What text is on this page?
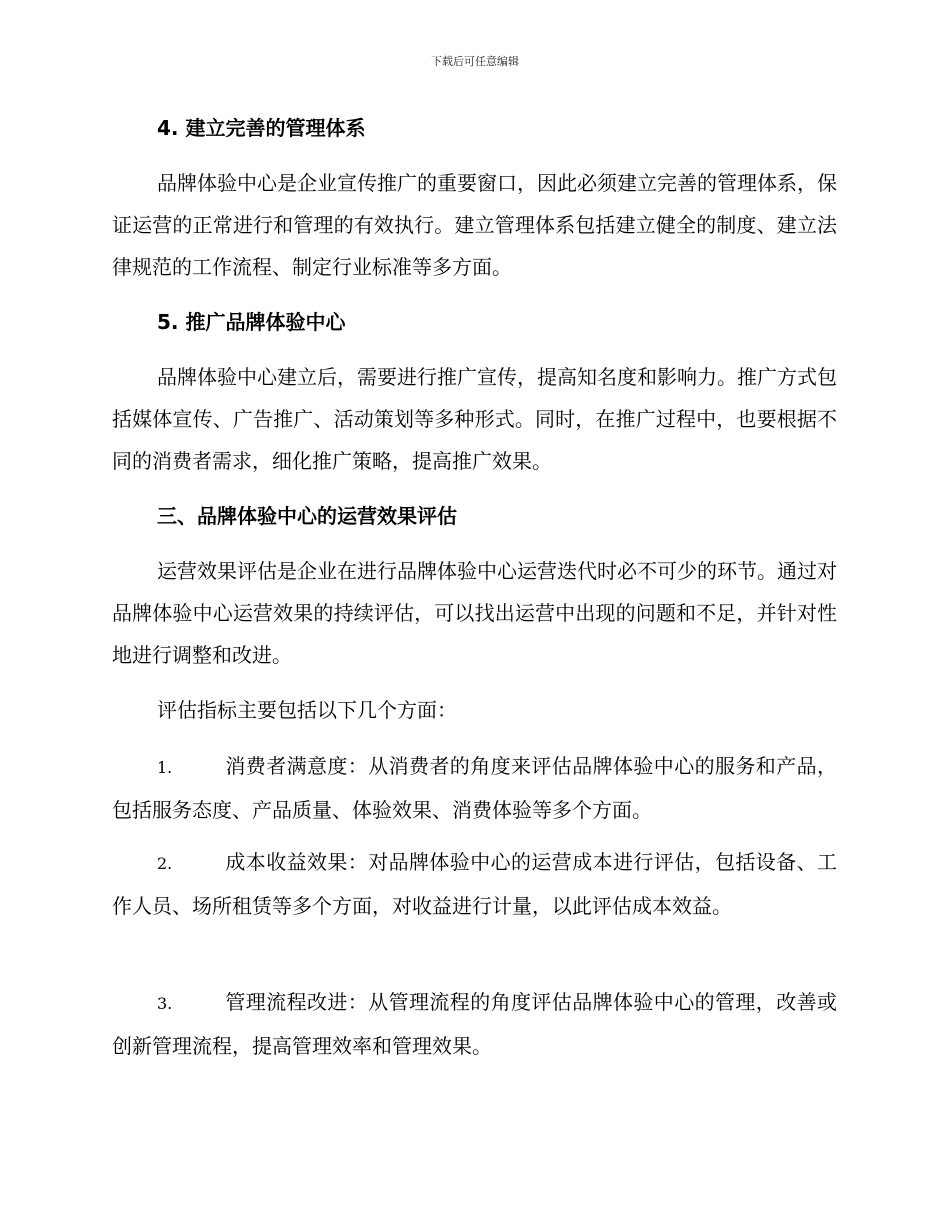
下载后可任意编辑
4. 建立完善的管理体系

品牌体验中心是企业宣传推广的重要窗口，因此必须建立完善的管理体系，保证运营的正常进行和管理的有效执行。建立管理体系包括建立健全的制度、建立法律规范的工作流程、制定行业标准等多方面。

5. 推广品牌体验中心

品牌体验中心建立后，需要进行推广宣传，提高知名度和影响力。推广方式包括媒体宣传、广告推广、活动策划等多种形式。同时，在推广过程中，也要根据不同的消费者需求，细化推广策略，提高推广效果。

三、品牌体验中心的运营效果评估

运营效果评估是企业在进行品牌体验中心运营迭代时必不可少的环节。通过对品牌体验中心运营效果的持续评估，可以找出运营中出现的问题和不足，并针对性地进行调整和改进。

评估指标主要包括以下几个方面：

1.	消费者满意度：从消费者的角度来评估品牌体验中心的服务和产品，包括服务态度、产品质量、体验效果、消费体验等多个方面。

2.	成本收益效果：对品牌体验中心的运营成本进行评估，包括设备、工作人员、场所租赁等多个方面，对收益进行计量，以此评估成本效益。

3.	管理流程改进：从管理流程的角度评估品牌体验中心的管理，改善或创新管理流程，提高管理效率和管理效果。
